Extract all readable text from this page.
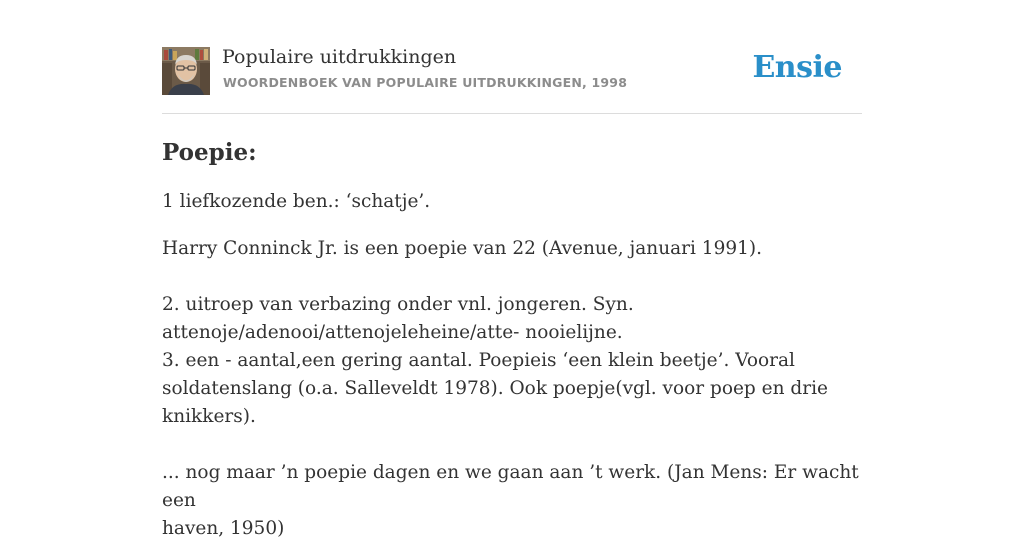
Populaire uitdrukkingen
WOORDENBOEK VAN POPULAIRE UITDRUKKINGEN, 1998	Ensie
Poepie:

1 liefkozende ben.: ‘schatje’.

Harry Conninck Jr. is een poepie van 22 (Avenue, januari 1991).

2. uitroep van verbazing onder vnl. jongeren. Syn.
attenoje/adenooi/attenojeleheine/atte- nooielijne.
3. een - aantal,een gering aantal. Poepieis ‘een klein beetje’. Vooral
soldatenslang (o.a. Salleveldt 1978). Ook poepje(vgl. voor poep en drie knikkers).

... nog maar ’n poepie dagen en we gaan aan ’t werk. (Jan Mens: Er wacht een
haven, 1950)
